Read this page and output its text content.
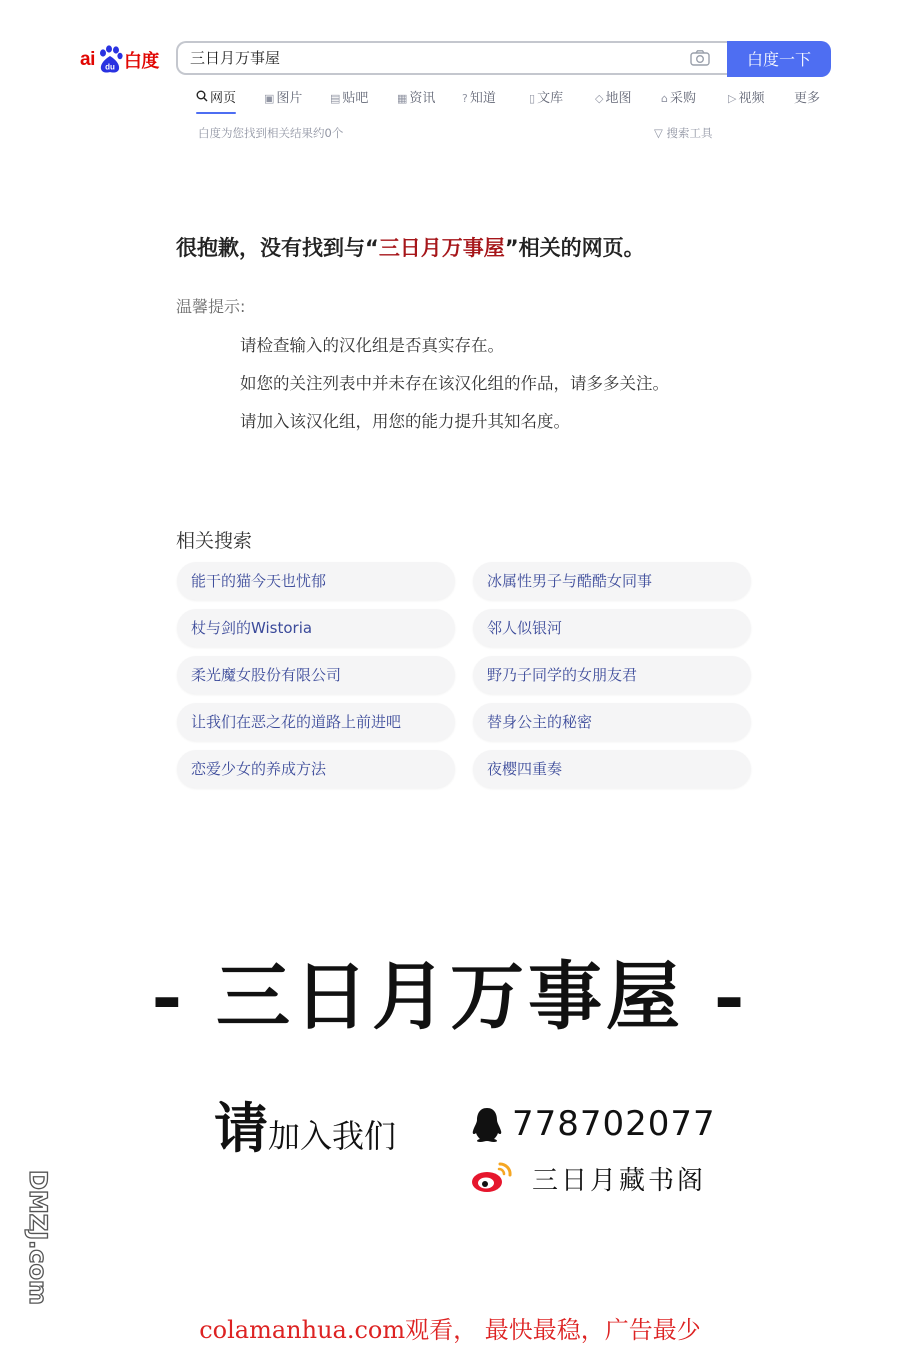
ai du 白度 三日月万事屋	白度一下
网页	▣ 图片	▤ 贴吧	▦ 资讯 ? 知道	▯ 文库	◇ 地图	⌂ 采购	▷ 视频 更多
白度为您找到相关结果约0个	▽ 搜索工具
很抱歉，没有找到与“三日月万事屋”相关的网页。
温馨提示:
请检查输入的汉化组是否真实存在。
如您的关注列表中并未存在该汉化组的作品，请多多关注。
请加入该汉化组，用您的能力提升其知名度。
相关搜索
能干的猫今天也忧郁
杖与剑的Wistoria
柔光魔女股份有限公司
让我们在恶之花的道路上前进吧
恋爱少女的养成方法
冰属性男子与酷酷女同事
邻人似银河
野乃子同学的女朋友君
替身公主的秘密
夜樱四重奏
- 三日月万事屋 -
请加入我们	778702077
三日月藏书阁
DMZJ.com
colamanhua.com观看， 最快最稳，广告最少
